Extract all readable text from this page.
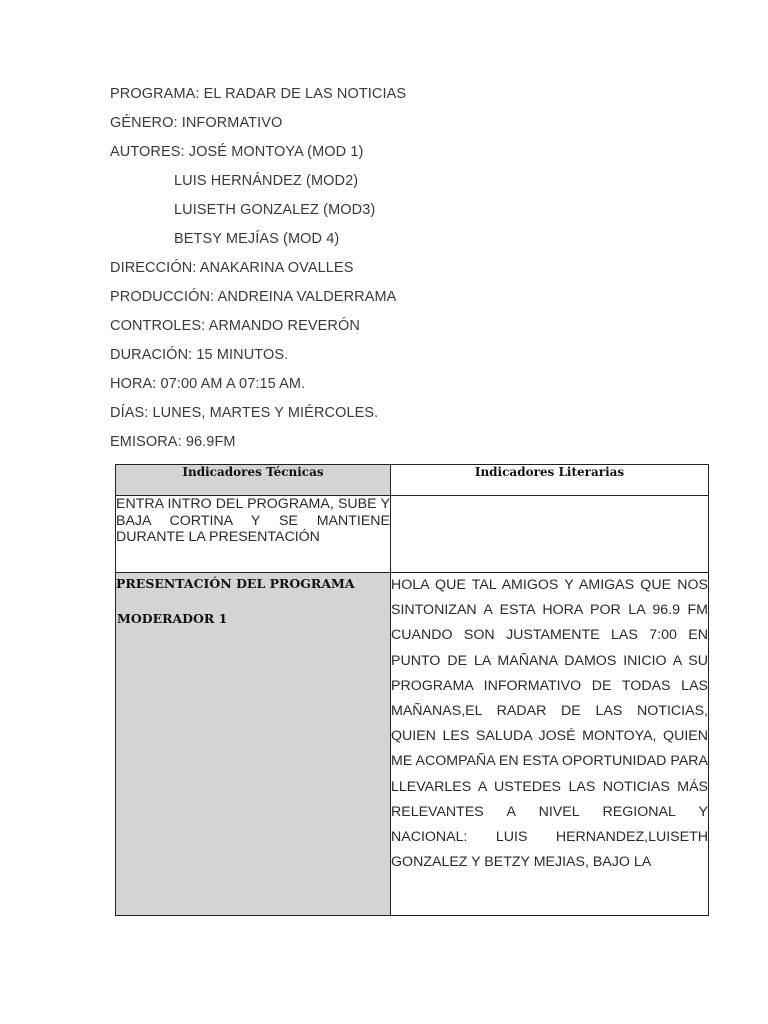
PROGRAMA: EL RADAR DE LAS NOTICIAS
GÉNERO: INFORMATIVO
AUTORES: JOSÉ MONTOYA (MOD 1)
LUIS HERNÁNDEZ (MOD2)
LUISETH GONZALEZ (MOD3)
BETSY MEJÍAS (MOD 4)
DIRECCIÓN: ANAKARINA OVALLES
PRODUCCIÓN: ANDREINA VALDERRAMA
CONTROLES: ARMANDO REVERÓN
DURACIÓN: 15 MINUTOS.
HORA: 07:00 AM A 07:15 AM.
DÍAS: LUNES, MARTES Y MIÉRCOLES.
EMISORA: 96.9FM
Indicadores Técnicas	Indicadores Literarias
ENTRA INTRO DEL PROGRAMA, SUBE Y BAJA CORTINA Y SE MANTIENE DURANTE LA PRESENTACIÓN	

PRESENTACIÓN DEL PROGRAMA
MODERADOR 1	HOLA QUE TAL AMIGOS Y AMIGAS QUE NOS SINTONIZAN A ESTA HORA POR LA 96.9 FM CUANDO SON JUSTAMENTE LAS 7:00 EN PUNTO DE LA MAÑANA DAMOS INICIO A SU PROGRAMA INFORMATIVO DE TODAS LAS MAÑANAS,EL RADAR DE LAS NOTICIAS, QUIEN LES SALUDA JOSÉ MONTOYA, QUIEN ME ACOMPAÑA EN ESTA OPORTUNIDAD PARA LLEVARLES A USTEDES LAS NOTICIAS MÁS RELEVANTES A NIVEL REGIONAL Y NACIONAL: LUIS HERNANDEZ,LUISETH GONZALEZ Y BETZY MEJIAS, BAJO LA
